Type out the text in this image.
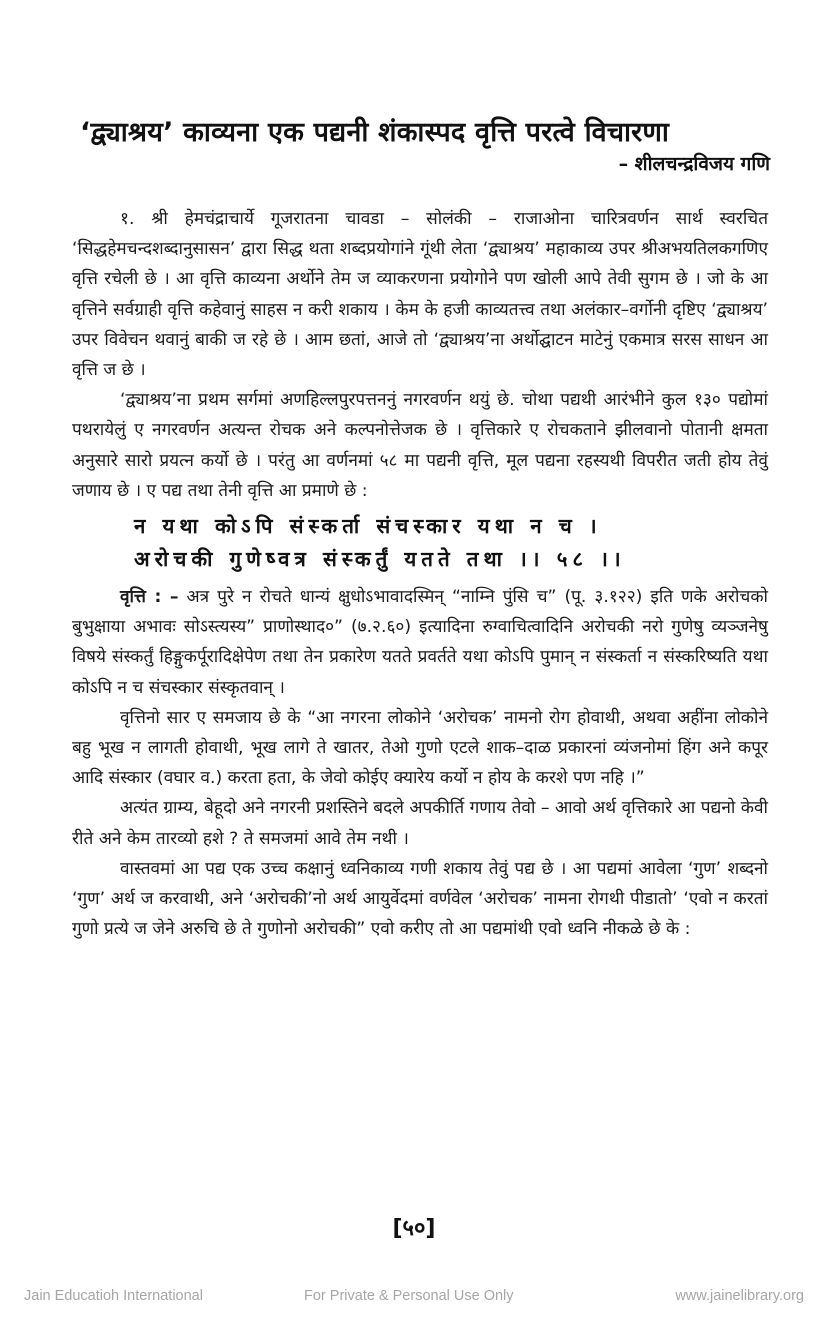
‘द्व्याश्रय’ काव्यना एक पद्यनी शंकास्पद वृत्ति परत्वे विचारणा
– शीलचन्द्रविजय गणि

१. श्री हेमचंद्राचार्ये गूजरातना चावडा – सोलंकी – राजाओना चारित्रवर्णन सार्थ स्वरचित ‘सिद्धहेमचन्दशब्दानुसासन’ द्वारा सिद्ध थता शब्दप्रयोगांने गूंथी लेता ‘द्व्याश्रय’ महाकाव्य उपर श्रीअभयतिलकगणिए वृत्ति रचेली छे । आ वृत्ति काव्यना अर्थोने तेम ज व्याकरणना प्रयोगोने पण खोली आपे तेवी सुगम छे । जो के आ वृत्तिने सर्वग्राही वृत्ति कहेवानुं साहस न करी शकाय । केम के हजी काव्यतत्त्व तथा अलंकार–वर्गोनी दृष्टिए ‘द्व्याश्रय’ उपर विवेचन थवानुं बाकी ज रहे छे । आम छतां, आजे तो ‘द्व्याश्रय’ना अर्थोद्घाटन माटेनुं एकमात्र सरस साधन आ वृत्ति ज छे ।

‘द्व्याश्रय’ना प्रथम सर्गमां अणहिल्लपुरपत्तननुं नगरवर्णन थयुं छे. चोथा पद्यथी आरंभीने कुल १३० पद्योमां पथरायेलुं ए नगरवर्णन अत्यन्त रोचक अने कल्पनोत्तेजक छे । वृत्तिकारे ए रोचकताने झीलवानो पोतानी क्षमता अनुसारे सारो प्रयत्न कर्यो छे । परंतु आ वर्णनमां ५८ मा पद्यनी वृत्ति, मूल पद्यना रहस्यथी विपरीत जती होय तेवुं जणाय छे । ए पद्य तथा तेनी वृत्ति आ प्रमाणे छे :

न यथा कोऽपि संस्कर्ता संचस्कार यथा न च ।
अरोचकी गुणेष्वत्र संस्कर्तुं यतते तथा ।। ५८ ।।

वृत्ति : – अत्र पुरे न रोचते धान्यं क्षुधोऽभावादस्मिन् “नाम्नि पुंसि च” (पू. ३.१२२) इति णके अरोचको बुभुक्षाया अभावः सोऽस्त्यस्य” प्राणोस्थाद०” (७.२.६०) इत्यादिना रुग्वाचित्वादिनि अरोचकी नरो गुणेषु व्यञ्जनेषु विषये संस्कर्तुं हिङ्गुकर्पूरादिक्षेपेण तथा तेन प्रकारेण यतते प्रवर्तते यथा कोऽपि पुमान् न संस्कर्ता न संस्करिष्यति यथा कोऽपि न च संचस्कार संस्कृतवान् ।

वृत्तिनो सार ए समजाय छे के “आ नगरना लोकोने ‘अरोचक’ नामनो रोग होवाथी, अथवा अहींना लोकोने बहु भूख न लागती होवाथी, भूख लागे ते खातर, तेओ गुणो एटले शाक–दाळ प्रकारनां व्यंजनोमां हिंग अने कपूर आदि संस्कार (वघार व.) करता हता, के जेवो कोईए क्यारेय कर्यो न होय के करशे पण नहि ।”

अत्यंत ग्राम्य, बेहूदो अने नगरनी प्रशस्तिने बदले अपकीर्ति गणाय तेवो – आवो अर्थ वृत्तिकारे आ पद्यनो केवी रीते अने केम तारव्यो हशे ? ते समजमां आवे तेम नथी ।

वास्तवमां आ पद्य एक उच्च कक्षानुं ध्वनिकाव्य गणी शकाय तेवुं पद्य छे । आ पद्यमां आवेला ‘गुण’ शब्दनो ‘गुण’ अर्थ ज करवाथी, अने ‘अरोचकी’नो अर्थ आयुर्वेदमां वर्णवेल ‘अरोचक’ नामना रोगथी पीडातो’ ‘एवो न करतां गुणो प्रत्ये ज जेने अरुचि छे ते गुणोनो अरोचकी” एवो करीए तो आ पद्यमांथी एवो ध्वनि नीकळे छे के :

[५०]
Jain Educatioh International	For Private & Personal Use Only	www.jainelibrary.org
